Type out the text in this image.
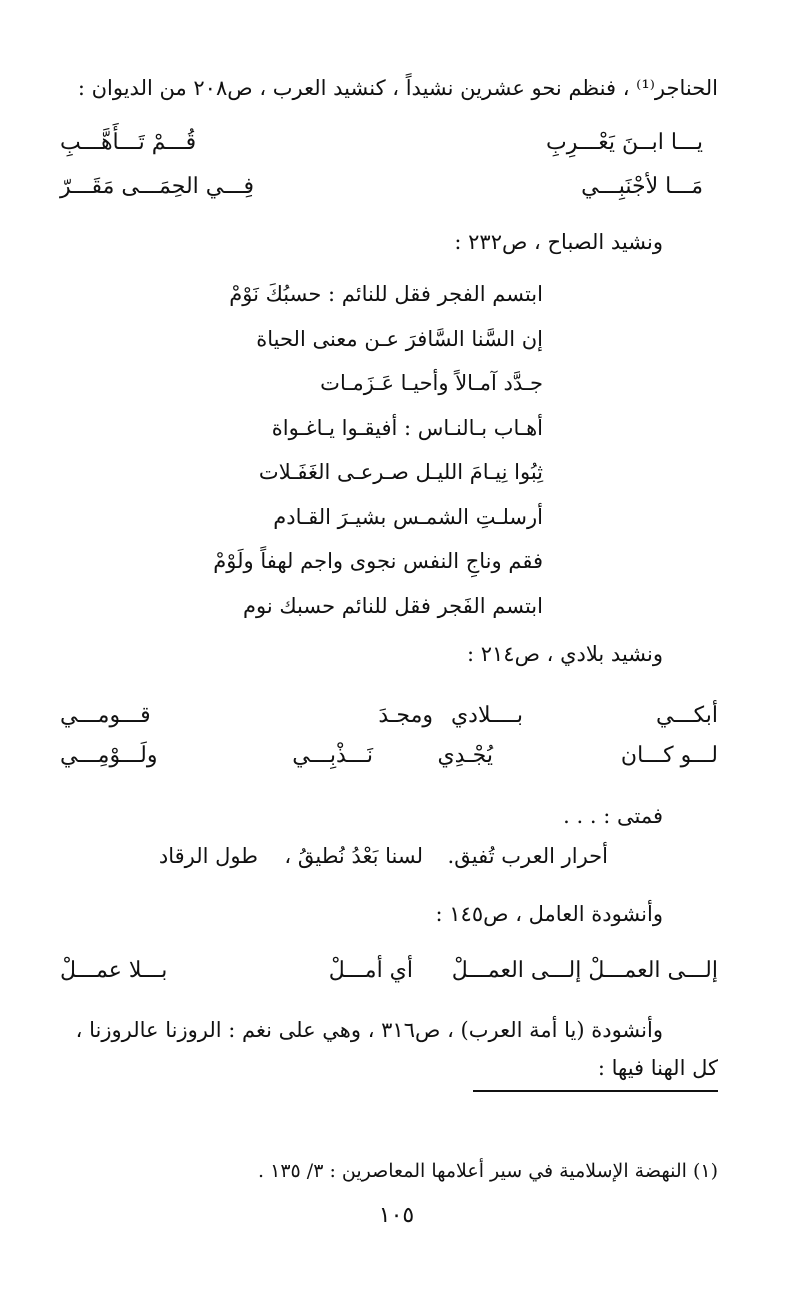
الحناجر⁽¹⁾ ، فنظم نحو عشرين نشيداً ، كنشيد العرب ، ص٢٠٨ من الديوان :
يـــا ابــنَ يَعْـــرِبِ
قُـــمْ تَـــأَهَّـــبِ
مَـــا لأجْنَبِـــي
فِـــي الحِمَـــى مَقَـــرّ
ونشيد الصباح ، ص٢٣٢ :
ابتسم الفجر فقل للنائم : حسبُكَ نَوْمْ
إن السَّنا السَّافرَ عـن معنى الحياة
جـدَّد آمـالاً وأحيـا عَـزَمـات
أهـاب بـالنـاس : أفيقـوا يـاغـواة
ثِبُوا نِيـامَ الليـل صـرعـى الغَفَـلات
أرسلـتِ الشمـس بشيـرَ القـادم
فقم وناجِ النفس نجوى واجم لهفاً ولَوْمْ
ابتسم الفَجر فقل للنائم حسبك نوم
ونشيد بلادي ، ص٢١٤ :
أبكـــي
بــــلادي
ومجـدَ
قـــومـــي
لـــو كـــان
يُجْـدِي
نَـــذْبِـــي
ولَـــوْمِـــي
فمتى : . . .
أحرار العرب تُفيق.
لسنا بَعْدُ نُطيقُ ،
طول الرقاد
وأنشودة العامل ، ص١٤٥ :
إلـــى العمـــلْ إلـــى العمـــلْ
أي أمـــلْ
بـــلا عمـــلْ
وأنشودة (يا أمة العرب) ، ص٣١٦ ، وهي على نغم : الروزنا عالروزنا ،
كل الهنا فيها :
(١) النهضة الإسلامية في سير أعلامها المعاصرين : ٣/ ١٣٥ .
١٠٥
